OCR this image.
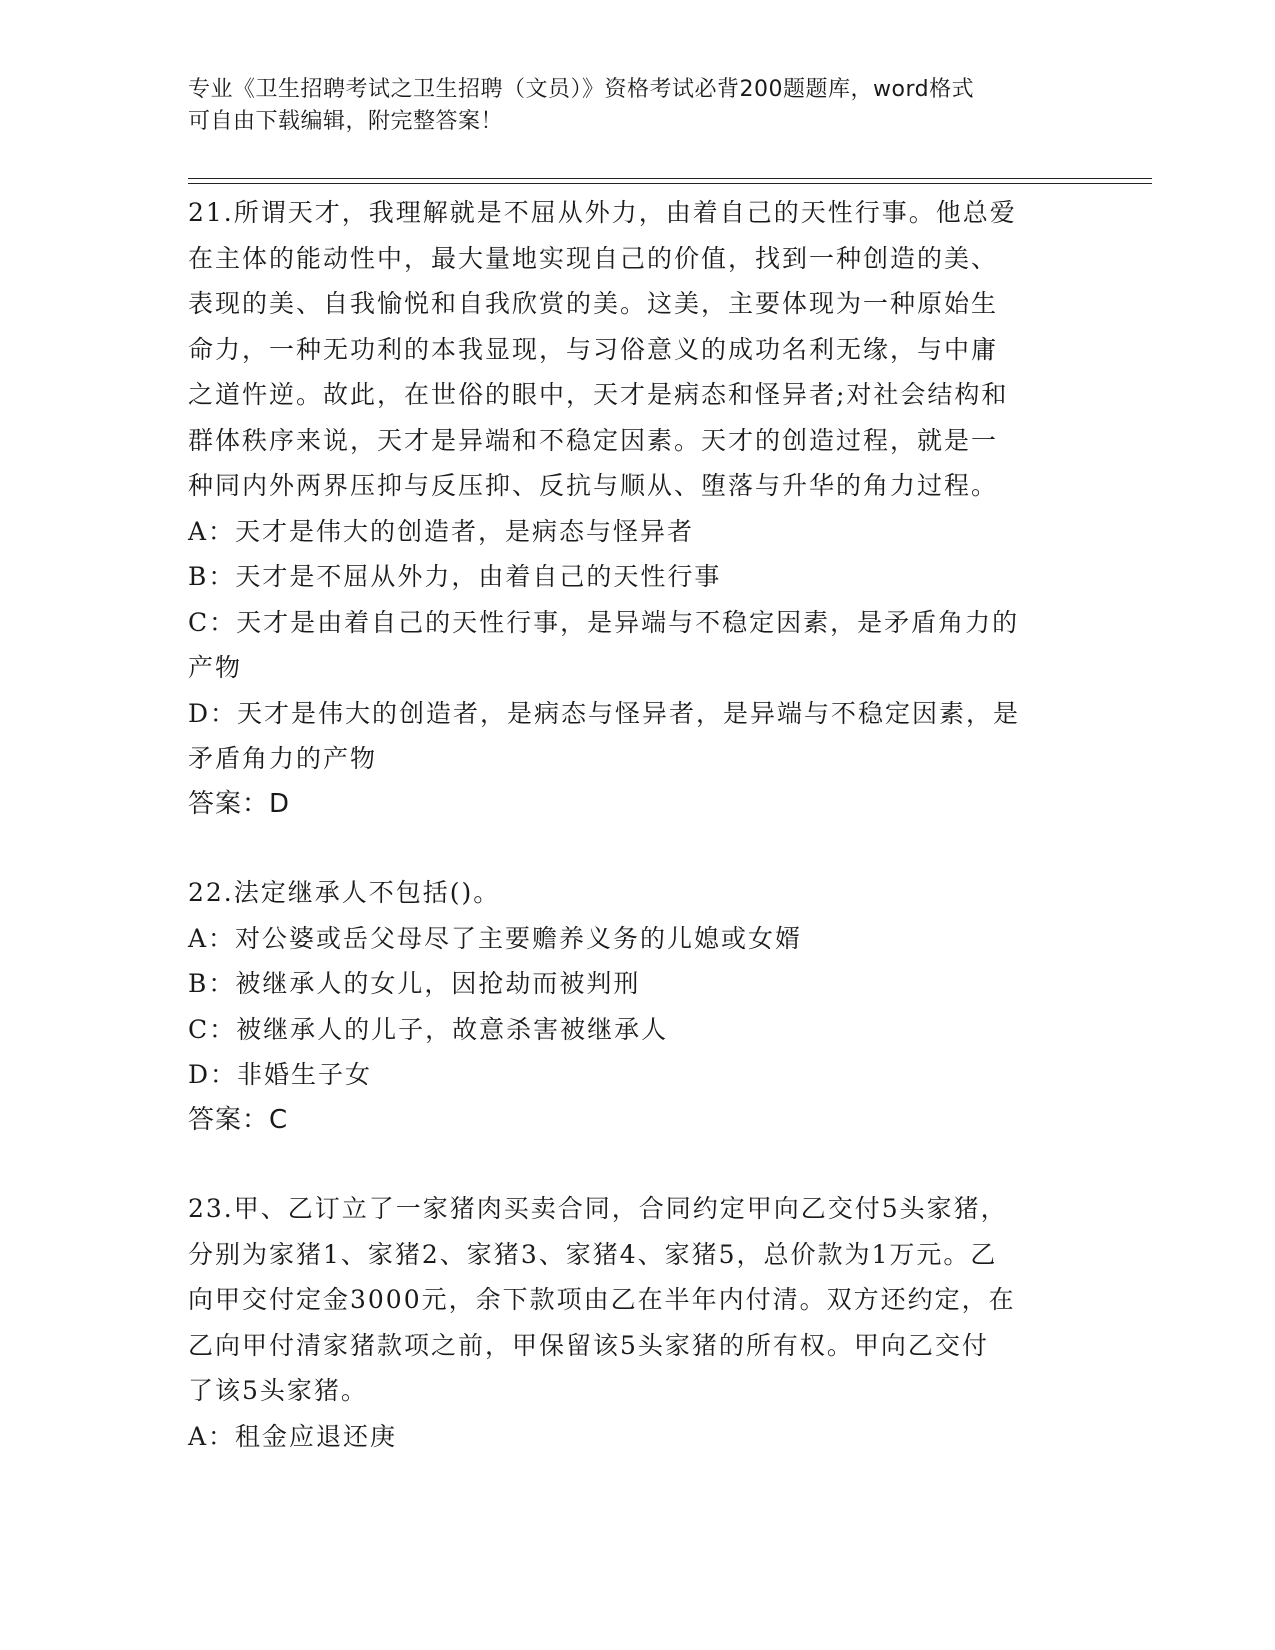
专业《卫生招聘考试之卫生招聘（文员）》资格考试必背200题题库，word格式
可自由下载编辑，附完整答案！
21.所谓天才，我理解就是不屈从外力，由着自己的天性行事。他总爱
在主体的能动性中，最大量地实现自己的价值，找到一种创造的美、
表现的美、自我愉悦和自我欣赏的美。这美，主要体现为一种原始生
命力，一种无功利的本我显现，与习俗意义的成功名利无缘，与中庸
之道忤逆。故此，在世俗的眼中，天才是病态和怪异者;对社会结构和
群体秩序来说，天才是异端和不稳定因素。天才的创造过程，就是一
种同内外两界压抑与反压抑、反抗与顺从、堕落与升华的角力过程。
A：天才是伟大的创造者，是病态与怪异者
B：天才是不屈从外力，由着自己的天性行事
C：天才是由着自己的天性行事，是异端与不稳定因素，是矛盾角力的
产物
D：天才是伟大的创造者，是病态与怪异者，是异端与不稳定因素，是
矛盾角力的产物
答案：D
22.法定继承人不包括()。
A：对公婆或岳父母尽了主要赡养义务的儿媳或女婿
B：被继承人的女儿，因抢劫而被判刑
C：被继承人的儿子，故意杀害被继承人
D：非婚生子女
答案：C
23.甲、乙订立了一家猪肉买卖合同，合同约定甲向乙交付5头家猪，
分别为家猪1、家猪2、家猪3、家猪4、家猪5，总价款为1万元。乙
向甲交付定金3000元，余下款项由乙在半年内付清。双方还约定，在
乙向甲付清家猪款项之前，甲保留该5头家猪的所有权。甲向乙交付
了该5头家猪。
A：租金应退还庚
